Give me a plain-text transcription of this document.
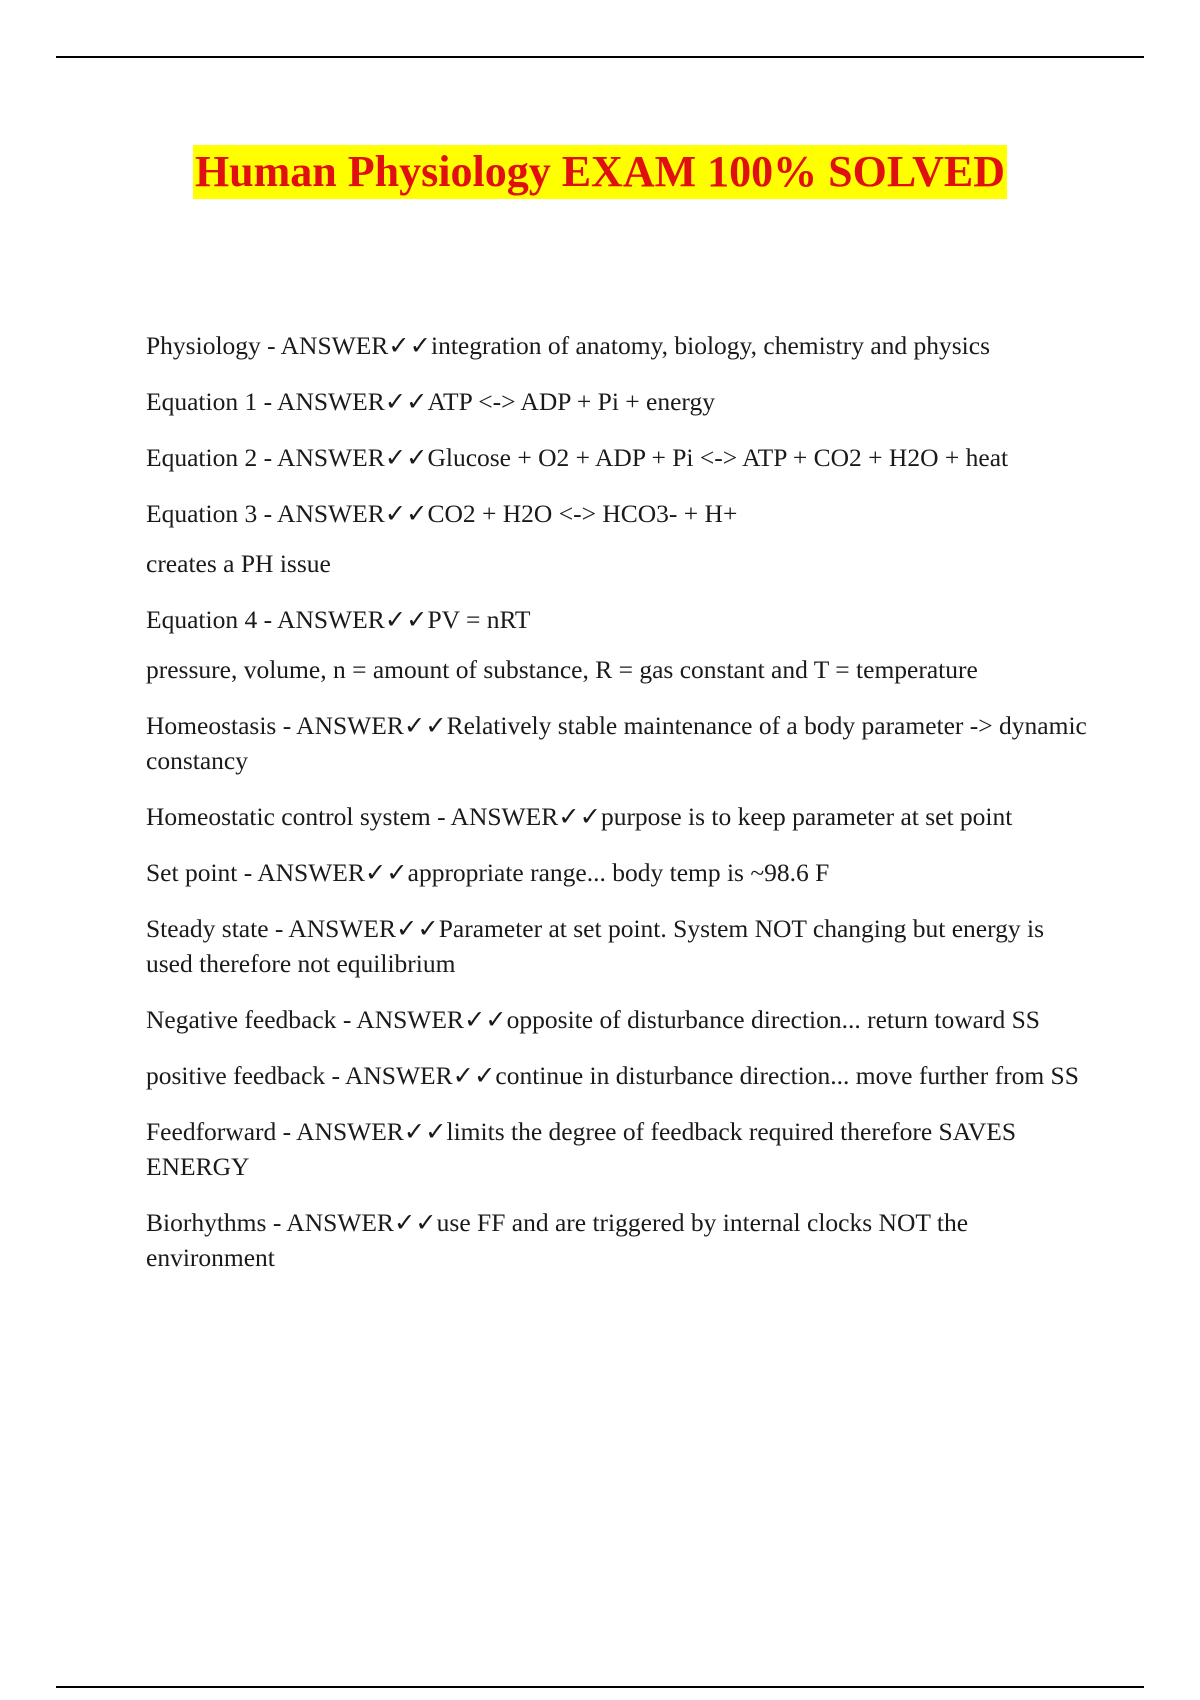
Human Physiology EXAM 100% SOLVED

Physiology - ANSWER✓✓integration of anatomy, biology, chemistry and physics

Equation 1 - ANSWER✓✓ATP <-> ADP + Pi + energy

Equation 2 - ANSWER✓✓Glucose + O2 + ADP + Pi <-> ATP + CO2 + H2O + heat

Equation 3 - ANSWER✓✓CO2 + H2O <-> HCO3- + H+

creates a PH issue

Equation 4 - ANSWER✓✓PV = nRT

pressure, volume, n = amount of substance, R = gas constant and T = temperature

Homeostasis - ANSWER✓✓Relatively stable maintenance of a body parameter -> dynamic constancy

Homeostatic control system - ANSWER✓✓purpose is to keep parameter at set point

Set point - ANSWER✓✓appropriate range... body temp is ~98.6 F

Steady state - ANSWER✓✓Parameter at set point. System NOT changing but energy is used therefore not equilibrium

Negative feedback - ANSWER✓✓opposite of disturbance direction... return toward SS

positive feedback - ANSWER✓✓continue in disturbance direction... move further from SS

Feedforward - ANSWER✓✓limits the degree of feedback required therefore SAVES ENERGY

Biorhythms - ANSWER✓✓use FF and are triggered by internal clocks NOT the environment
